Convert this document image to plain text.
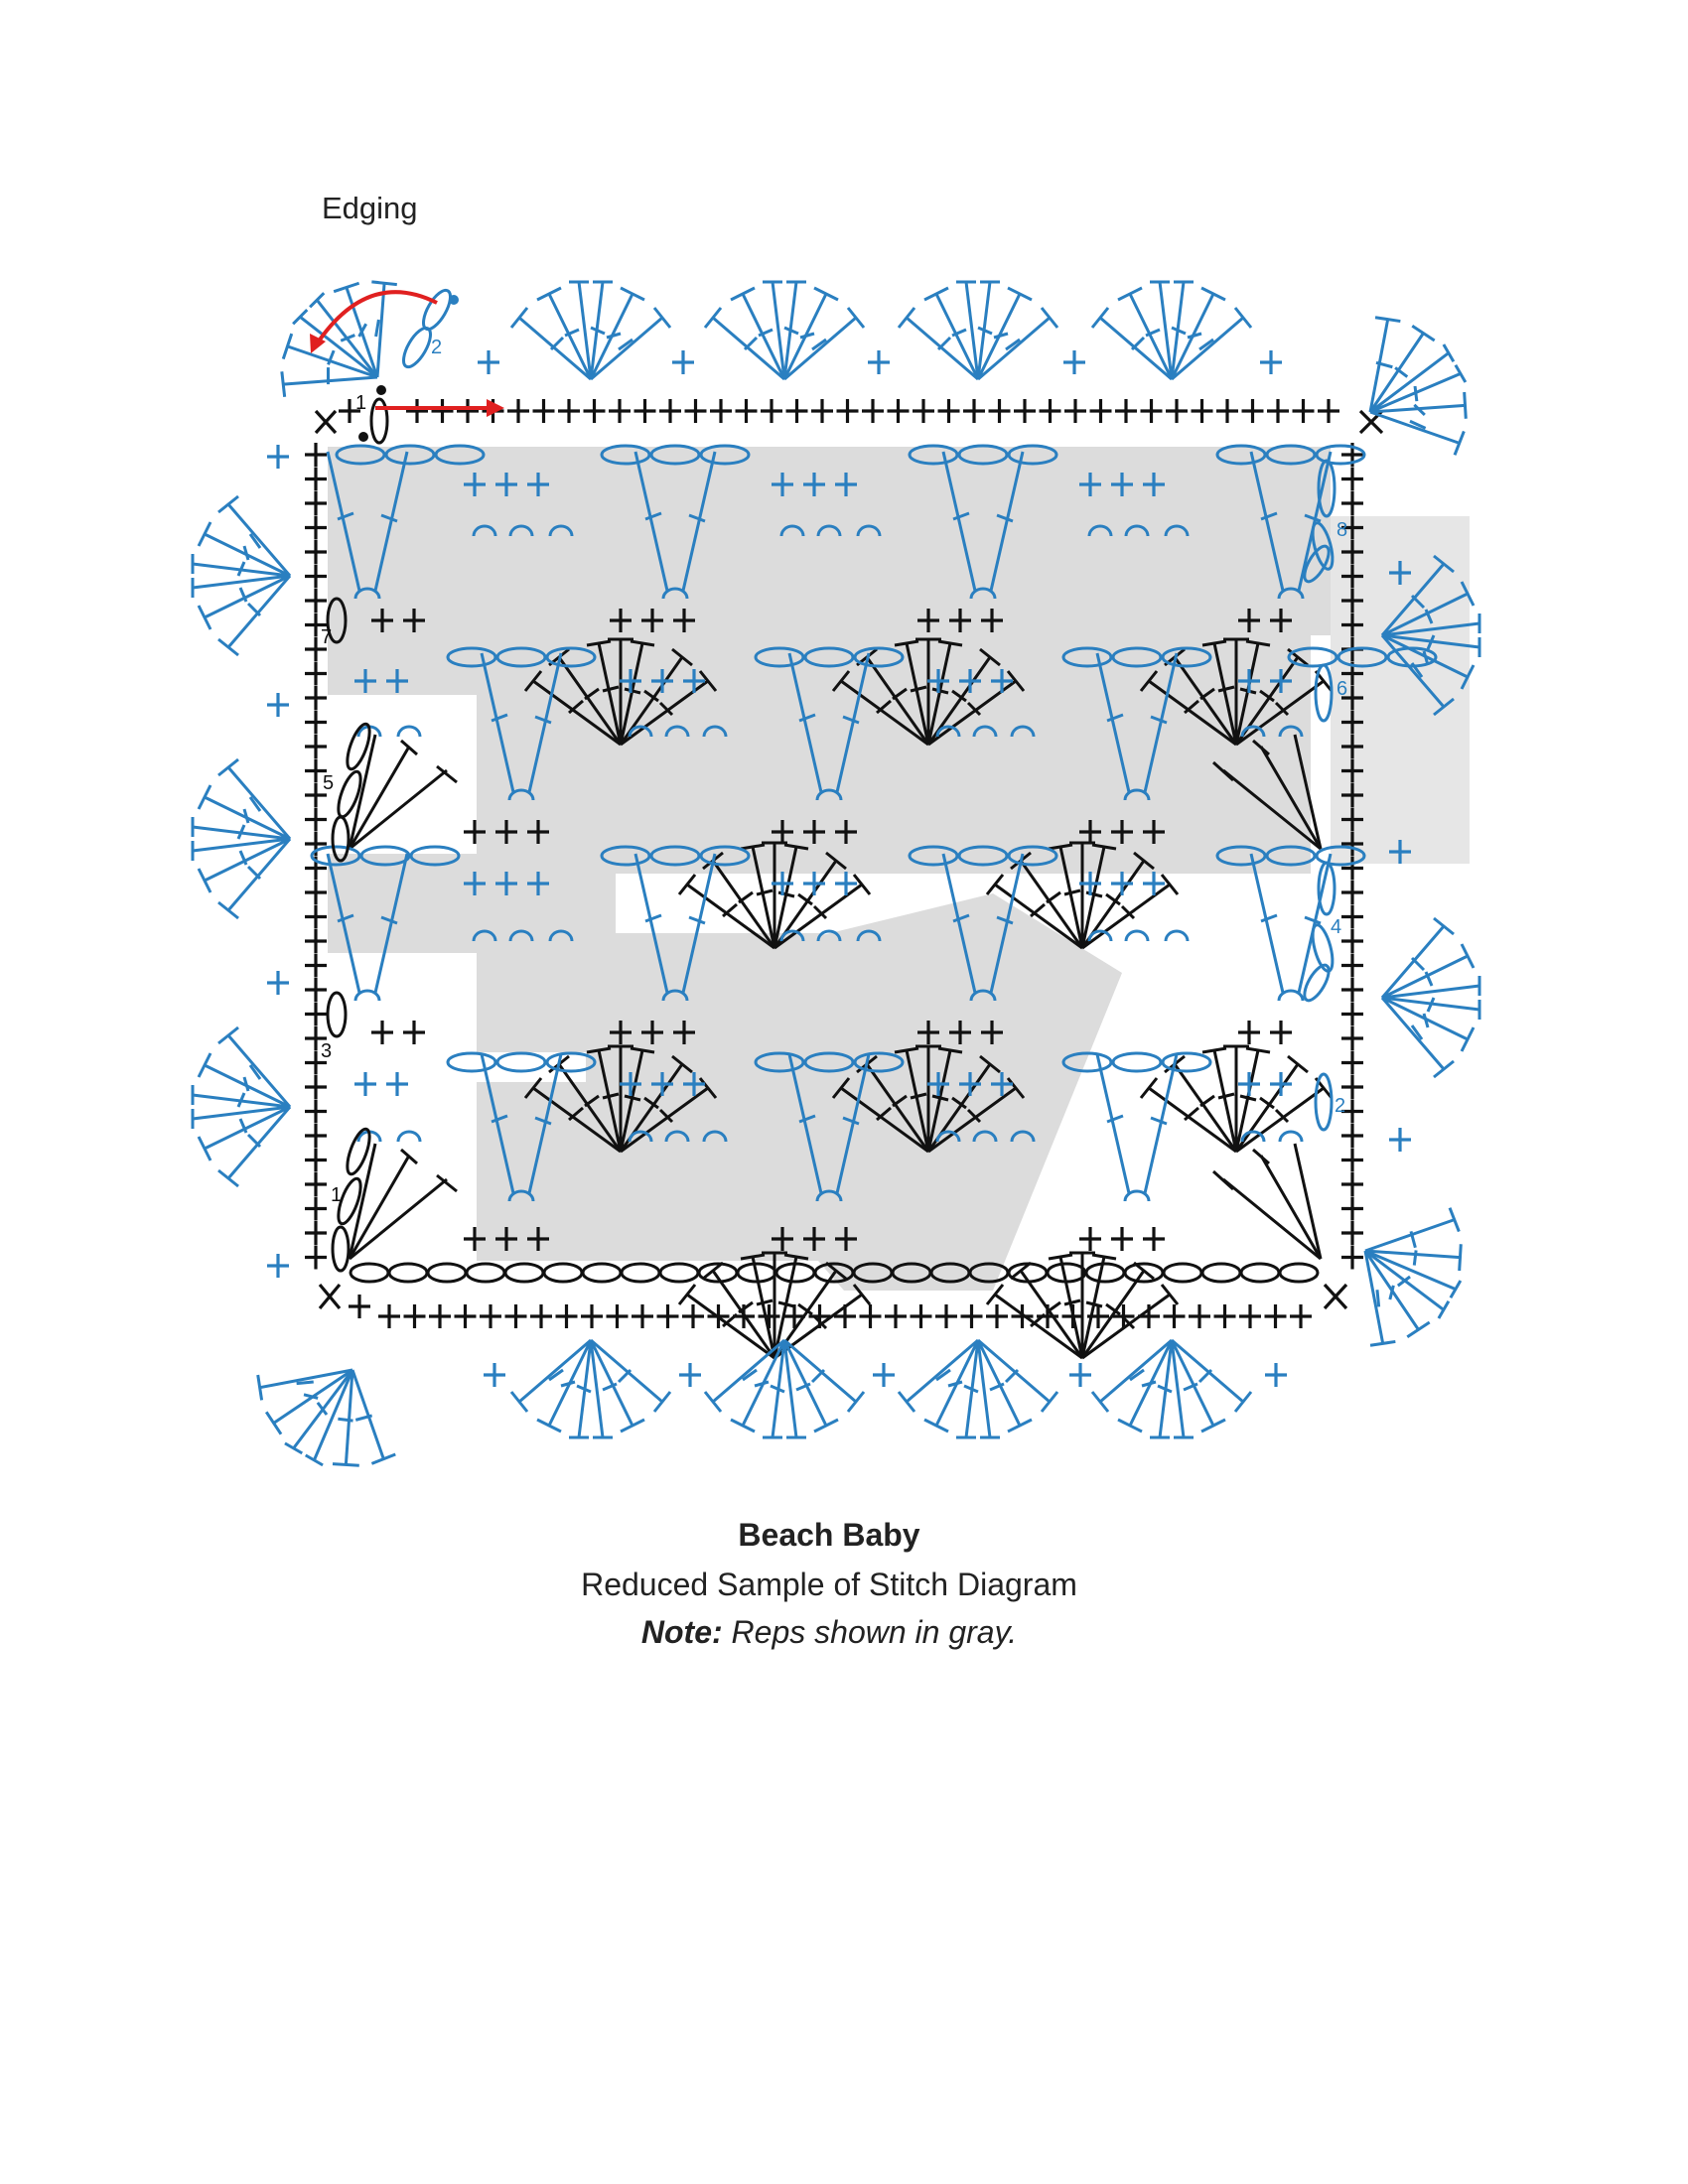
Edging
7
5
3
1
8
6
4
2
1
2
Beach Baby
Reduced Sample of Stitch Diagram
Note: Reps shown in gray.
